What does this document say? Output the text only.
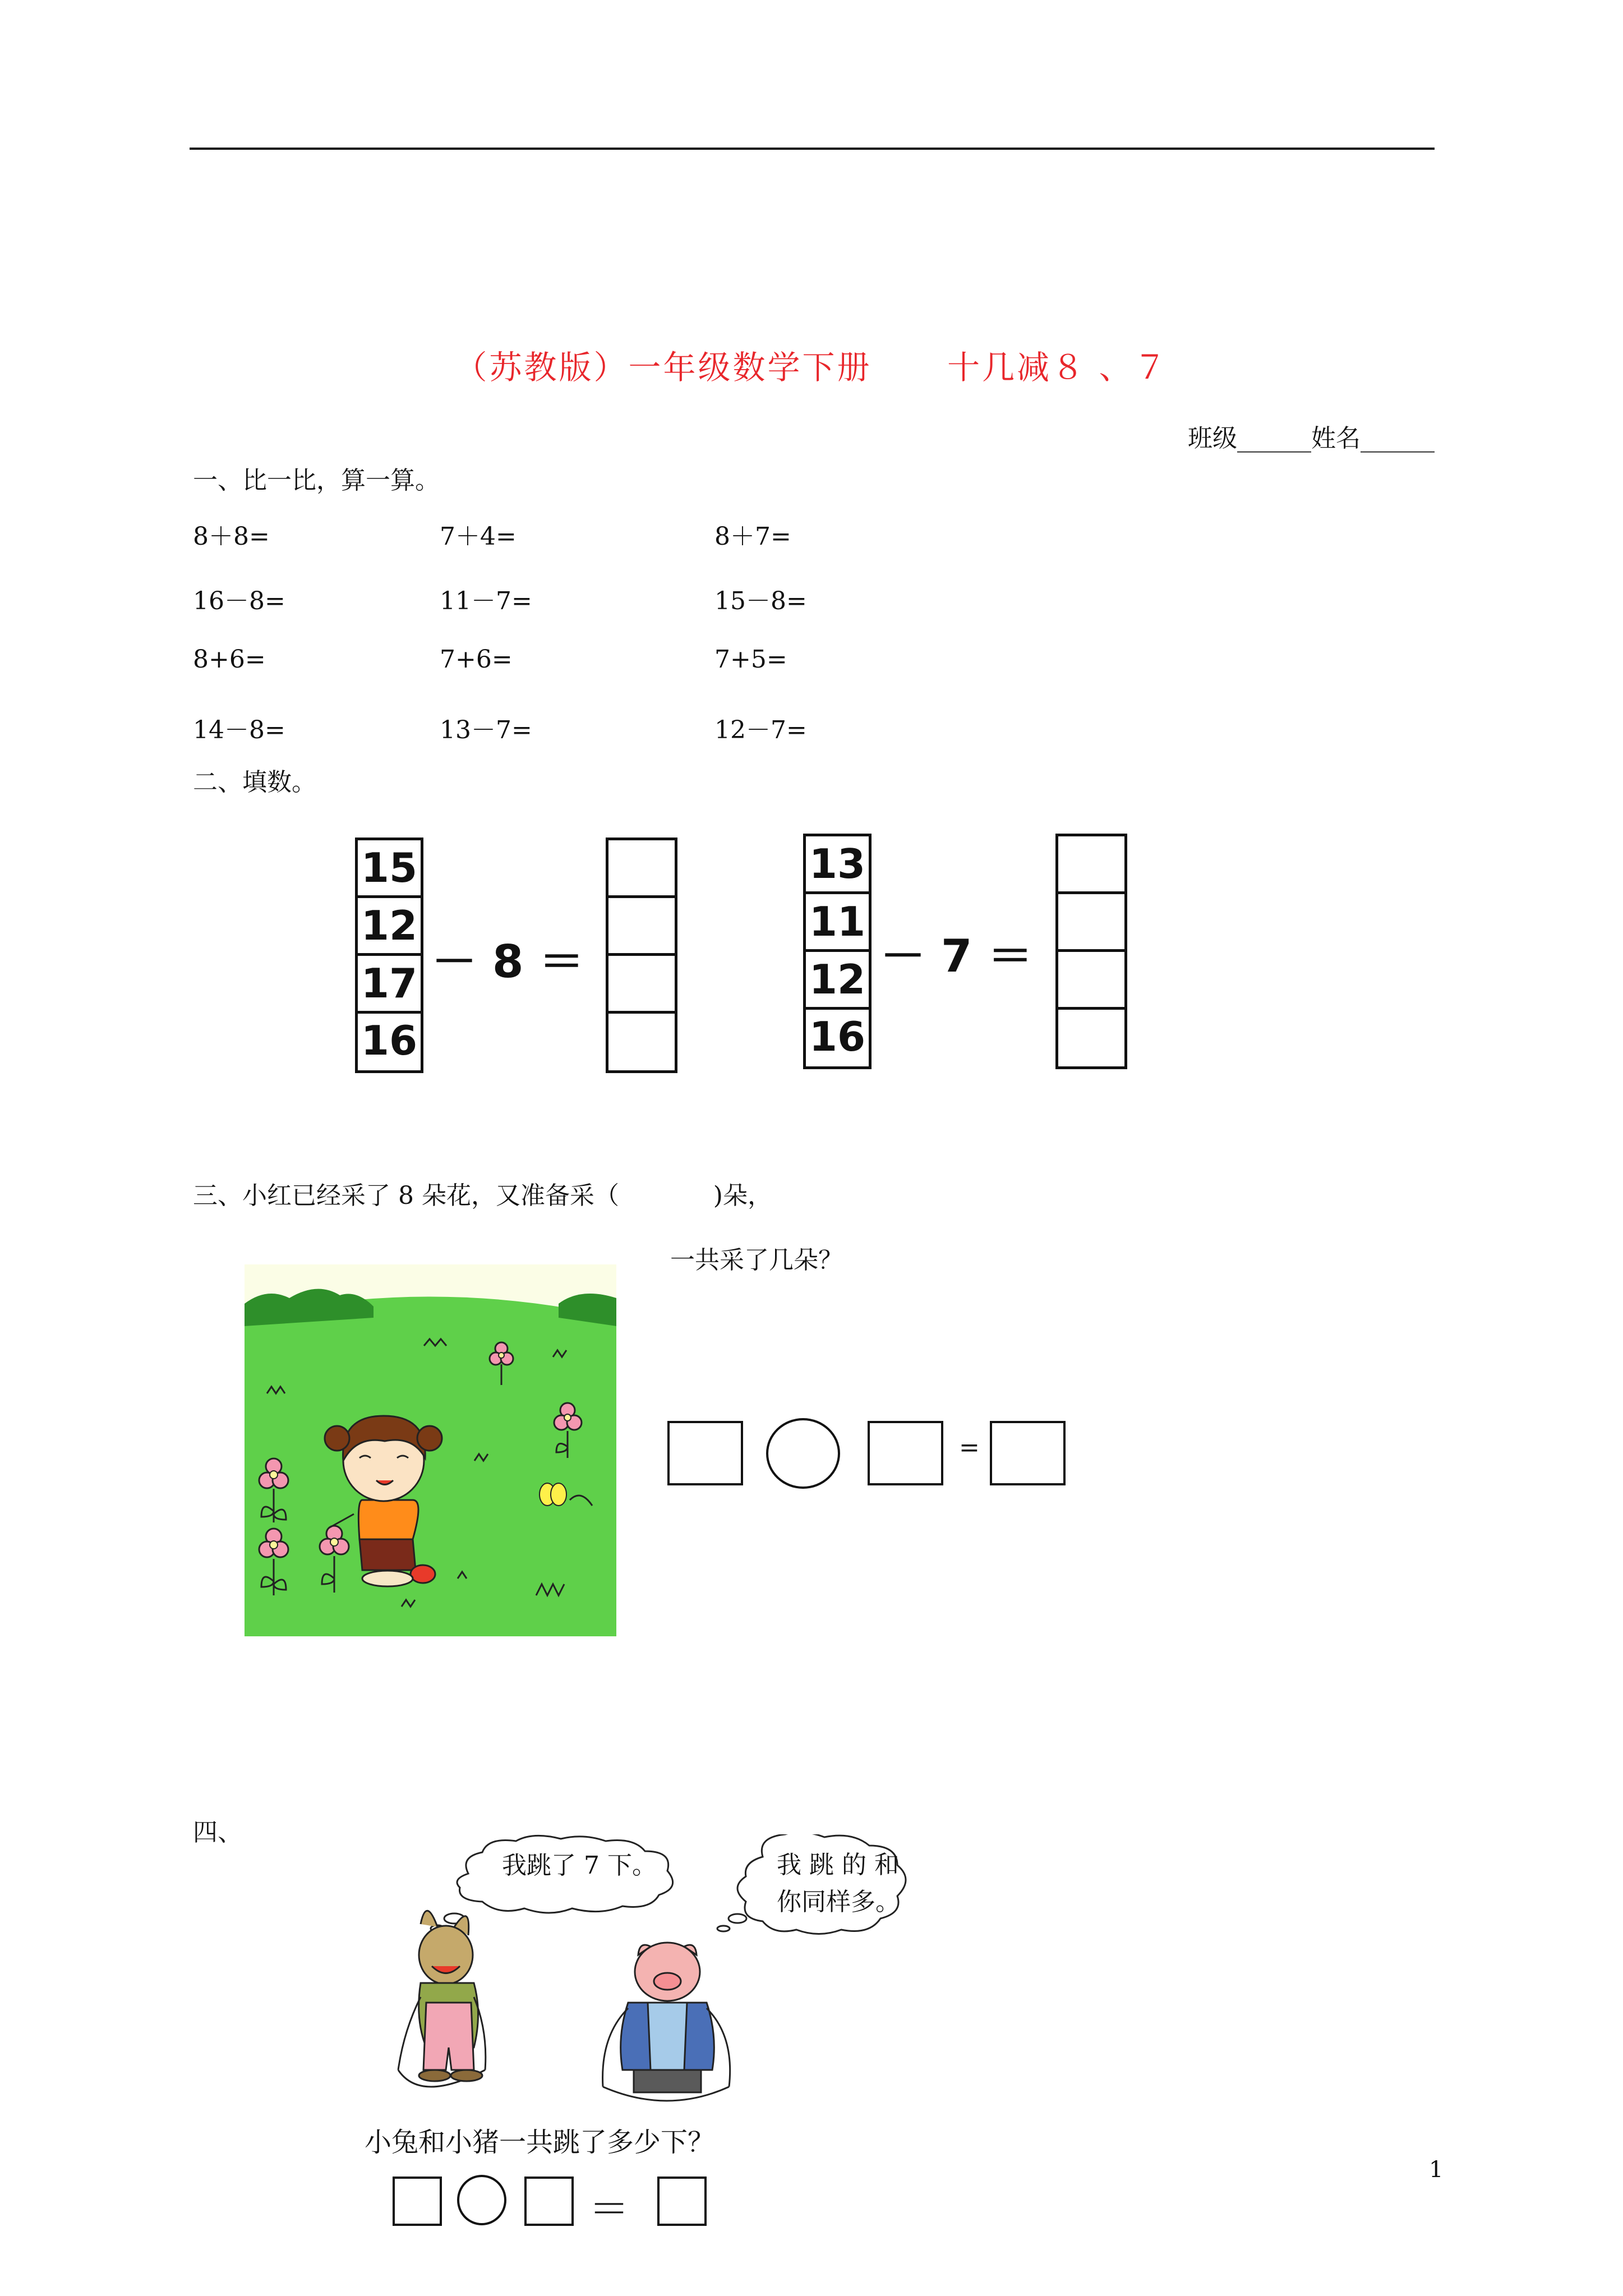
（苏教版）一年级数学下册      十几减８ 、７
班级______姓名______
一、比一比，算一算。
8＋8=	7＋4=	8＋7=
16－8=	11－7=	15－8=
8+6=	7+6=	7+5=
14－8=	13－7=	12－7=
二、填数。
15
12
17
16
－ 8 ＝
13
11
12
16
－ 7 ＝
三、小红已经采了 8 朵花，又准备采（            )朵，
一共采了几朵？
=
四、
我跳了 7 下。	我 跳 的 和
你同样多。
小兔和小猪一共跳了多少下？
＝
1
